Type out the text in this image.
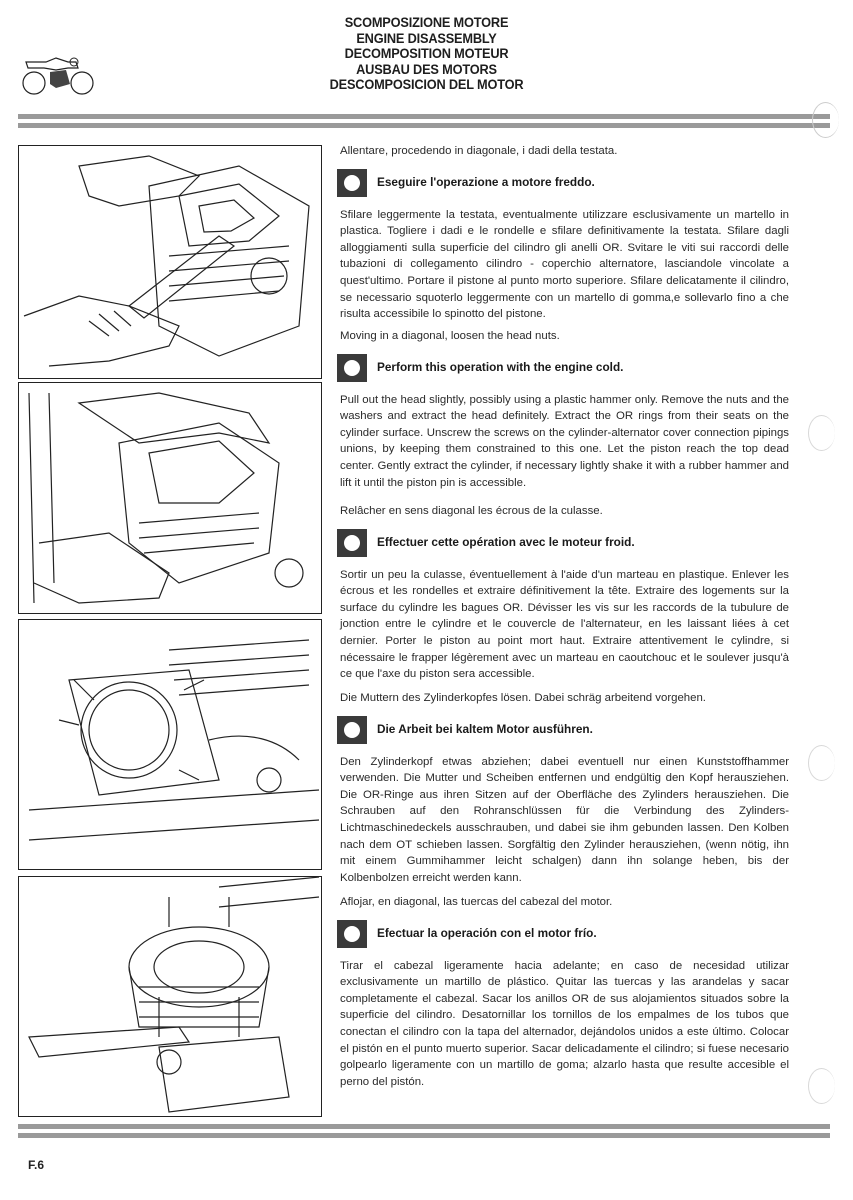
SCOMPOSIZIONE MOTORE
ENGINE DISASSEMBLY
DECOMPOSITION MOTEUR
AUSBAU DES MOTORS
DESCOMPOSICION DEL MOTOR

Allentare, procedendo in diagonale, i dadi della testata.

Eseguire l'operazione a motore freddo.

Sfilare leggermente la testata, eventualmente utilizzare esclusivamente un martello in plastica. Togliere i dadi e le rondelle e sfilare definitivamente la testata. Sfilare dagli alloggiamenti sulla superficie del cilindro gli anelli OR. Svitare le viti sui raccordi delle tubazioni di collegamento cilindro - coperchio alternatore, lasciandole vincolate a quest'ultimo. Portare il pistone al punto morto superiore. Sfilare delicatamente il cilindro, se necessario squoterlo leggermente con un martello di gomma,e sollevarlo fino a che risulta accessibile lo spinotto del pistone.

Moving in a diagonal, loosen the head nuts.

Perform this operation with the engine cold.

Pull out the head slightly, possibly using a plastic hammer only. Remove the nuts and the washers and extract the head definitely. Extract the OR rings from their seats on the cylinder surface. Unscrew the screws on the cylinder-alternator cover connection pipings unions, by keeping them constrained to this one. Let the piston reach the top dead center. Gently extract the cylinder, if necessary lightly shake it with a rubber hammer and lift it until the piston pin is accessible.

Relâcher en sens diagonal les écrous de la culasse.

Effectuer cette opération avec le moteur froid.

Sortir un peu la culasse, éventuellement à l'aide d'un marteau en plastique. Enlever les écrous et les rondelles et extraire définitivement la tête. Extraire des logements sur la surface du cylindre les bagues OR. Dévisser les vis sur les raccords de la tubulure de jonction entre le cylindre et le couvercle de l'alternateur, en les laissant liées à cet dernier. Porter le piston au point mort haut. Extraire attentivement le cylindre, si nécessaire le frapper légèrement avec un marteau en caoutchouc et le soulever jusqu'à ce que l'axe du piston sera accessible.

Die Muttern des Zylinderkopfes lösen. Dabei schräg arbeitend vorgehen.

Die Arbeit bei kaltem Motor ausführen.

Den Zylinderkopf etwas abziehen; dabei eventuell nur einen Kunststoffhammer verwenden. Die Mutter und Scheiben entfernen und endgültig den Kopf herausziehen. Die OR-Ringe aus ihren Sitzen auf der Oberfläche des Zylinders herausziehen. Die Schrauben auf den Rohranschlüssen für die Verbindung des Zylinders- Lichtmaschinedeckels ausschrauben, und dabei sie ihm gebunden lassen. Den Kolben nach dem OT schieben lassen. Sorgfältig den Zylinder herausziehen, (wenn nötig, ihn mit einem Gummihammer leicht schalgen) dann ihn solange heben, bis der Kolbenbolzen erreicht werden kann.

Aflojar, en diagonal, las tuercas del cabezal del motor.

Efectuar la operación con el motor frío.

Tirar el cabezal ligeramente hacia adelante; en caso de necesidad utilizar exclusivamente un martillo de plástico. Quitar las tuercas y las arandelas y sacar completamente el cabezal. Sacar los anillos OR de sus alojamientos situados sobre la superficie del cilindro. Desatornillar los tornillos de los empalmes de los tubos que conectan el cilindro con la tapa del alternador, dejándolos unidos a este último. Colocar el pistón en el punto muerto superior. Sacar delicadamente el cilindro; si fuese necesario golpearlo ligeramente con un martillo de goma; alzarlo hasta que resulte accesible el perno del pistón.

F.6
